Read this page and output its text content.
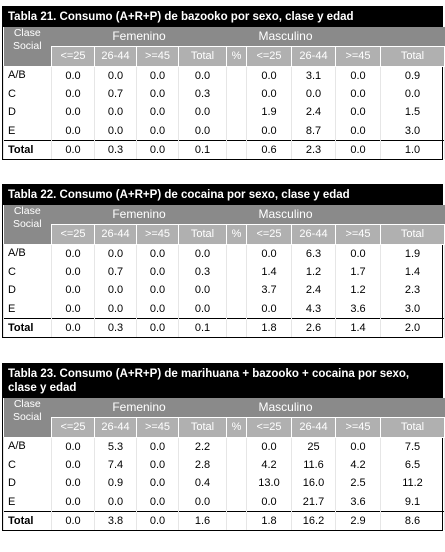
Tabla 21. Consumo (A+R+P) de bazooko por sexo, clase y edad
Clase Social	Femenino				Masculino				
	<=25	26-44	>=45	Total	%	<=25	26-44	>=45	Total
A/B	0.0	0.0	0.0	0.0		0.0	3.1	0.0	0.9
C	0.0	0.7	0.0	0.3		0.0	0.0	0.0	0.0
D	0.0	0.0	0.0	0.0		1.9	2.4	0.0	1.5
E	0.0	0.0	0.0	0.0		0.0	8.7	0.0	3.0
Total	0.0	0.3	0.0	0.1		0.6	2.3	0.0	1.0
Tabla 22. Consumo (A+R+P) de cocaina por sexo, clase y edad
Clase Social	Femenino				Masculino				
	<=25	26-44	>=45	Total	%	<=25	26-44	>=45	Total
A/B	0.0	0.0	0.0	0.0		0.0	6.3	0.0	1.9
C	0.0	0.7	0.0	0.3		1.4	1.2	1.7	1.4
D	0.0	0.0	0.0	0.0		3.7	2.4	1.2	2.3
E	0.0	0.0	0.0	0.0		0.0	4.3	3.6	3.0
Total	0.0	0.3	0.0	0.1		1.8	2.6	1.4	2.0
Tabla 23. Consumo (A+R+P) de marihuana + bazooko + cocaina por sexo, clase y edad
Clase Social	Femenino				Masculino				
	<=25	26-44	>=45	Total	%	<=25	26-44	>=45	Total
A/B	0.0	5.3	0.0	2.2		0.0	25	0.0	7.5
C	0.0	7.4	0.0	2.8		4.2	11.6	4.2	6.5
D	0.0	0.9	0.0	0.4		13.0	16.0	2.5	11.2
E	0.0	0.0	0.0	0.0		0.0	21.7	3.6	9.1
Total	0.0	3.8	0.0	1.6		1.8	16.2	2.9	8.6
